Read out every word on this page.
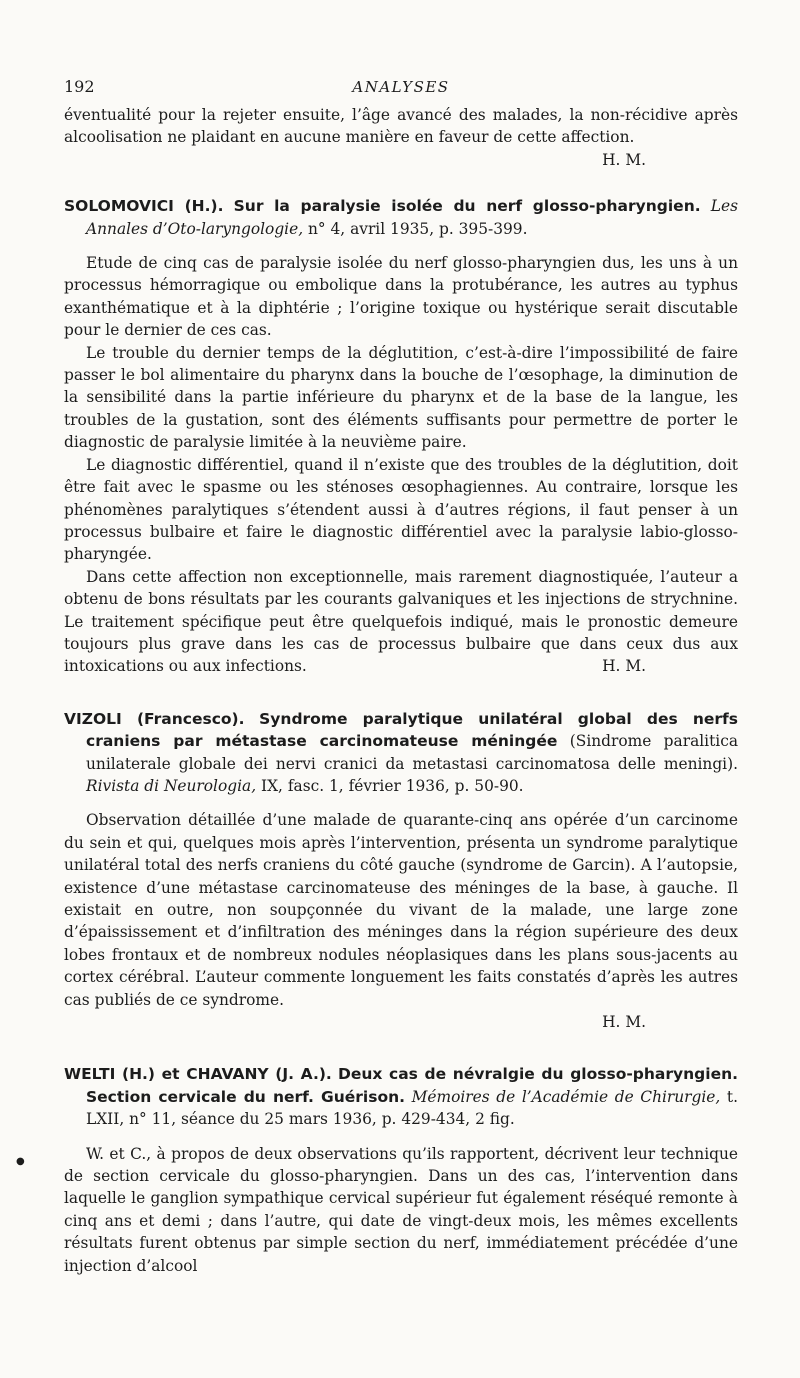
192	ANALYSES

éventualité pour la rejeter ensuite, l’âge avancé des malades, la non-récidive après alcoolisation ne plaidant en aucune manière en faveur de cette affection.

H. M.

SOLOMOVICI (H.). Sur la paralysie isolée du nerf glosso-pharyngien. Les Annales d’Oto-laryngologie, n° 4, avril 1935, p. 395-399.

Etude de cinq cas de paralysie isolée du nerf glosso-pharyngien dus, les uns à un processus hémorragique ou embolique dans la protubérance, les autres au typhus exanthématique et à la diphtérie ; l’origine toxique ou hystérique serait discutable pour le dernier de ces cas.

Le trouble du dernier temps de la déglutition, c’est-à-dire l’impossibilité de faire passer le bol alimentaire du pharynx dans la bouche de l’œsophage, la diminution de la sensibilité dans la partie inférieure du pharynx et de la base de la langue, les troubles de la gustation, sont des éléments suffisants pour permettre de porter le diagnostic de paralysie limitée à la neuvième paire.

Le diagnostic différentiel, quand il n’existe que des troubles de la déglutition, doit être fait avec le spasme ou les sténoses œsophagiennes. Au contraire, lorsque les phénomènes paralytiques s’étendent aussi à d’autres régions, il faut penser à un processus bulbaire et faire le diagnostic différentiel avec la paralysie labio-glosso-pharyngée.

Dans cette affection non exceptionnelle, mais rarement diagnostiquée, l’auteur a obtenu de bons résultats par les courants galvaniques et les injections de strychnine. Le traitement spécifique peut être quelquefois indiqué, mais le pronostic demeure toujours plus grave dans les cas de processus bulbaire que dans ceux dus aux intoxications ou aux infections.	H. M.

VIZOLI (Francesco). Syndrome paralytique unilatéral global des nerfs craniens par métastase carcinomateuse méningée (Sindrome paralitica unilaterale globale dei nervi cranici da metastasi carcinomatosa delle meningi). Rivista di Neurologia, IX, fasc. 1, février 1936, p. 50-90.

Observation détaillée d’une malade de quarante-cinq ans opérée d’un carcinome du sein et qui, quelques mois après l’intervention, présenta un syndrome paralytique unilatéral total des nerfs craniens du côté gauche (syndrome de Garcin). A l’autopsie, existence d’une métastase carcinomateuse des méninges de la base, à gauche. Il existait en outre, non soupçonnée du vivant de la malade, une large zone d’épaississement et d’infiltration des méninges dans la région supérieure des deux lobes frontaux et de nombreux nodules néoplasiques dans les plans sous-jacents au cortex cérébral. L’auteur commente longuement les faits constatés d’après les autres cas publiés de ce syndrome.

H. M.

WELTI (H.) et CHAVANY (J. A.). Deux cas de névralgie du glosso-pharyngien. Section cervicale du nerf. Guérison. Mémoires de l’Académie de Chirurgie, t. LXII, n° 11, séance du 25 mars 1936, p. 429-434, 2 fig.

W. et C., à propos de deux observations qu’ils rapportent, décrivent leur technique de section cervicale du glosso-pharyngien. Dans un des cas, l’intervention dans laquelle le ganglion sympathique cervical supérieur fut également réséqué remonte à cinq ans et demi ; dans l’autre, qui date de vingt-deux mois, les mêmes excellents résultats furent obtenus par simple section du nerf, immédiatement précédée d’une injection d’alcool

●
